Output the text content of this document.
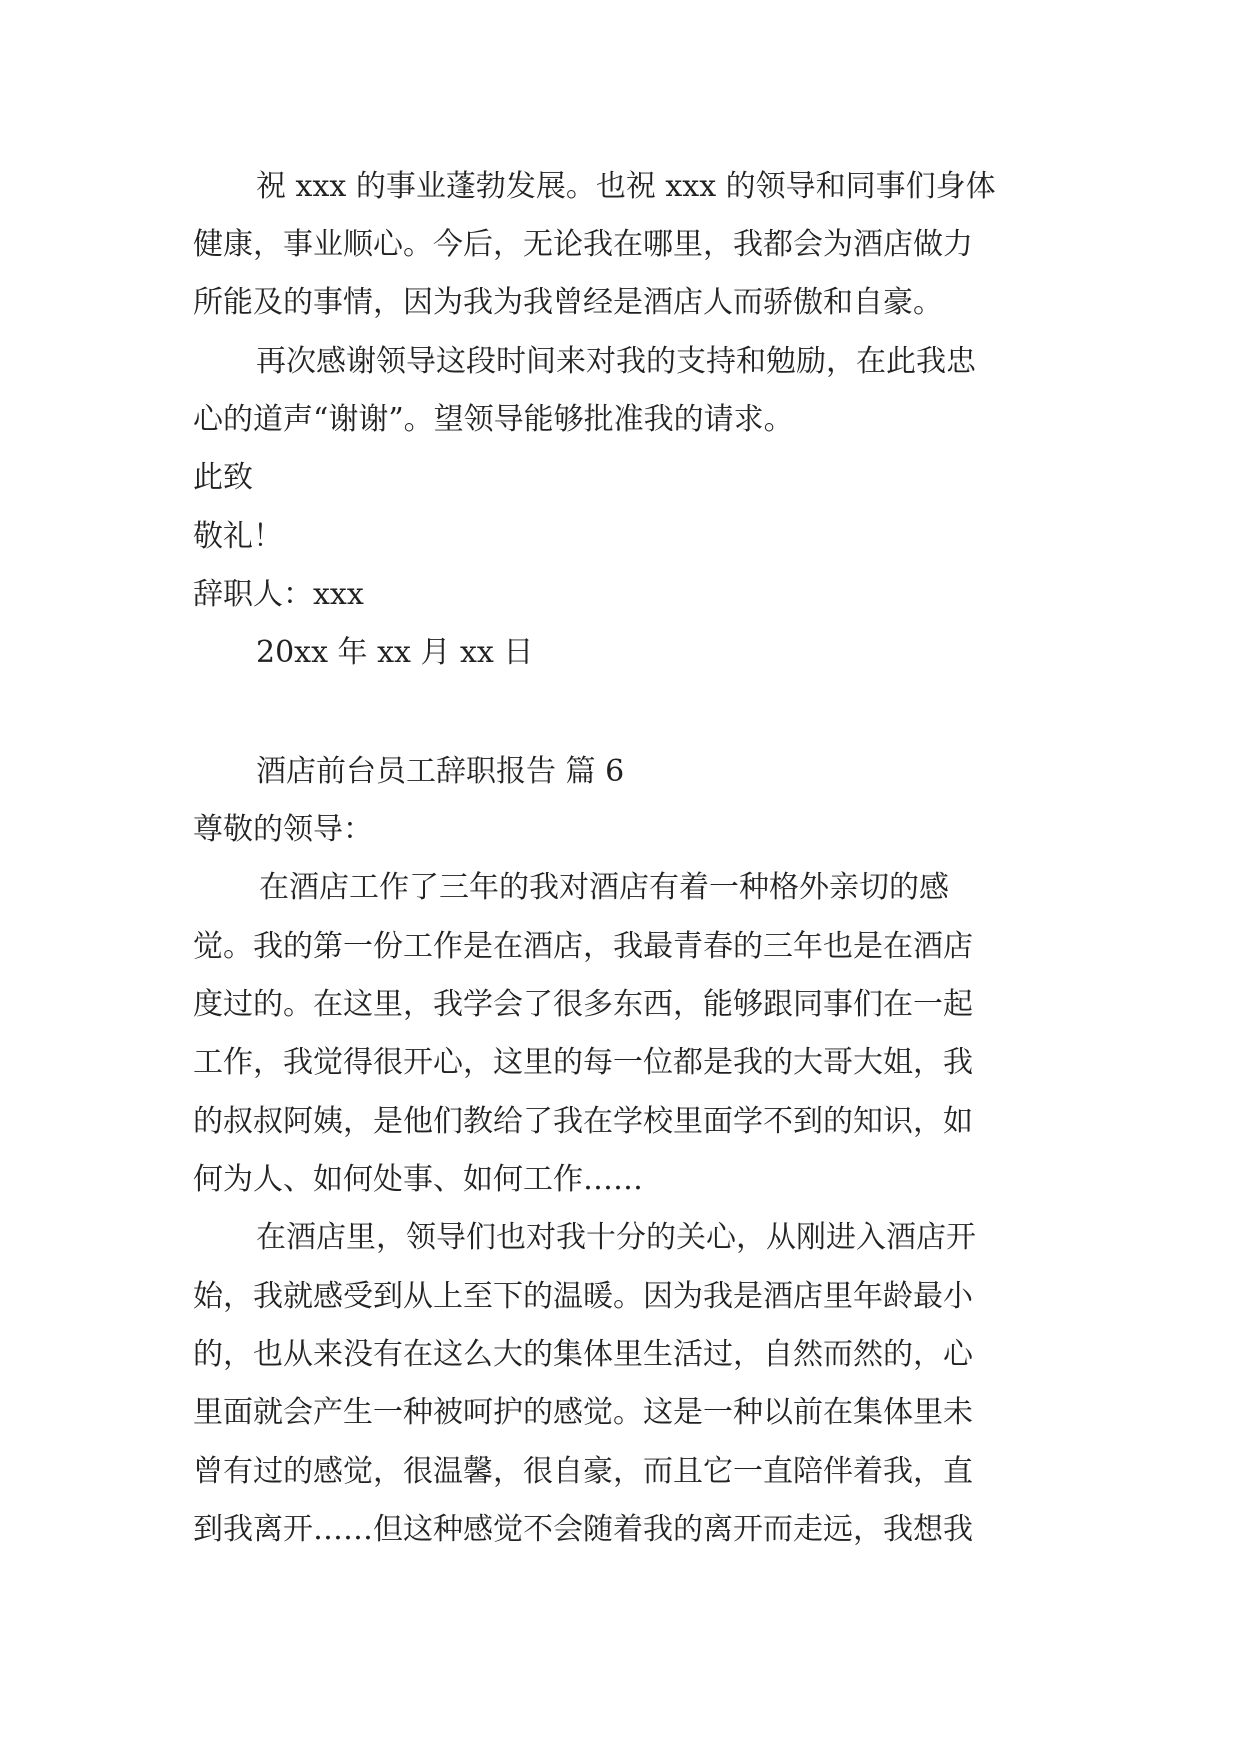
祝 xxx 的事业蓬勃发展。也祝 xxx 的领导和同事们身体
健康，事业顺心。今后，无论我在哪里，我都会为酒店做力
所能及的事情，因为我为我曾经是酒店人而骄傲和自豪。
再次感谢领导这段时间来对我的支持和勉励，在此我忠
心的道声“谢谢”。望领导能够批准我的请求。
此致
敬礼！
辞职人：xxx
20xx 年 xx 月 xx 日
酒店前台员工辞职报告 篇 6
尊敬的领导：
在酒店工作了三年的我对酒店有着一种格外亲切的感
觉。我的第一份工作是在酒店，我最青春的三年也是在酒店
度过的。在这里，我学会了很多东西，能够跟同事们在一起
工作，我觉得很开心，这里的每一位都是我的大哥大姐，我
的叔叔阿姨，是他们教给了我在学校里面学不到的知识，如
何为人、如何处事、如何工作……
在酒店里，领导们也对我十分的关心，从刚进入酒店开
始，我就感受到从上至下的温暖。因为我是酒店里年龄最小
的，也从来没有在这么大的集体里生活过，自然而然的，心
里面就会产生一种被呵护的感觉。这是一种以前在集体里未
曾有过的感觉，很温馨，很自豪，而且它一直陪伴着我，直
到我离开……但这种感觉不会随着我的离开而走远，我想我
